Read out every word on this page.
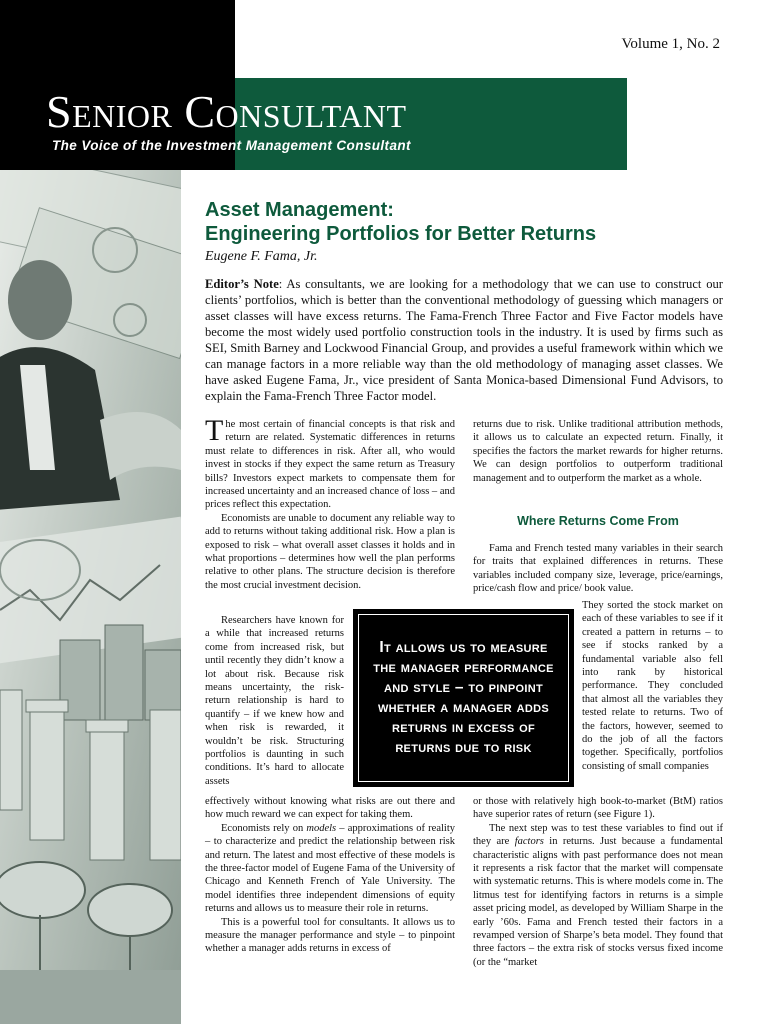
Volume 1, No. 2
Senior Consultant
The Voice of the Investment Management Consultant
Asset Management:
Engineering Portfolios for Better Returns
Eugene F. Fama, Jr.

Editor’s Note: As consultants, we are looking for a methodology that we can use to construct our clients’ portfolios, which is better than the conventional methodology of guessing which managers or asset classes will have excess returns. The Fama-French Three Factor and Five Factor models have become the most widely used portfolio construction tools in the industry. It is used by firms such as SEI, Smith Barney and Lockwood Financial Group, and provides a useful framework within which we can manage factors in a more reliable way than the old methodology of managing asset classes. We have asked Eugene Fama, Jr., vice president of Santa Monica-based Dimensional Fund Advisors, to explain the Fama-French Three Factor model.

The most certain of financial concepts is that risk and return are related. Systematic differences in returns must relate to differences in risk. After all, who would invest in stocks if they expect the same return as Treasury bills? Investors expect markets to compensate them for increased uncertainty and an increased chance of loss – and prices reflect this expectation.

Economists are unable to document any reliable way to add to returns without taking additional risk. How a plan is exposed to risk – what overall asset classes it holds and in what proportions – determines how well the plan performs relative to other plans. The structure decision is therefore the most crucial investment decision.

Researchers have known for a while that increased returns come from increased risk, but until recently they didn’t know a lot about risk. Because risk means uncertainty, the risk-return relationship is hard to quantify – if we knew how and when risk is rewarded, it wouldn’t be risk. Structuring portfolios is daunting in such conditions. It’s hard to allocate assets

effectively without knowing what risks are out there and how much reward we can expect for taking them.

Economists rely on models – approximations of reality – to characterize and predict the relationship between risk and return. The latest and most effective of these models is the three-factor model of Eugene Fama of the University of Chicago and Kenneth French of Yale University. The model identifies three independent dimensions of equity returns and allows us to measure their role in returns.

This is a powerful tool for consultants. It allows us to measure the manager performance and style – to pinpoint whether a manager adds returns in excess of

returns due to risk. Unlike traditional attribution methods, it allows us to calculate an expected return. Finally, it specifies the factors the market rewards for higher returns. We can design portfolios to outperform traditional management and to outperform the market as a whole.

Where Returns Come From

Fama and French tested many variables in their search for traits that explained differences in returns. These variables included company size, leverage, price/earnings, price/cash flow and price/ book value.

They sorted the stock market on each of these variables to see if it created a pattern in returns – to see if stocks ranked by a fundamental variable also fell into rank by historical performance. They concluded that almost all the variables they tested relate to returns. Two of the factors, however, seemed to do the job of all the factors together. Specifically, portfolios consisting of small companies

or those with relatively high book-to-market (BtM) ratios have superior rates of return (see Figure 1).

The next step was to test these variables to find out if they are factors in returns. Just because a fundamental characteristic aligns with past performance does not mean it represents a risk factor that the market will compensate with systematic returns. This is where models come in. The litmus test for identifying factors in returns is a simple asset pricing model, as developed by William Sharpe in the early ’60s. Fama and French tested their factors in a revamped version of Sharpe’s beta model. They found that three factors – the extra risk of stocks versus fixed income (or the “market

It allows us to measure the manager performance and style – to pinpoint whether a manager adds returns in excess of returns due to risk
